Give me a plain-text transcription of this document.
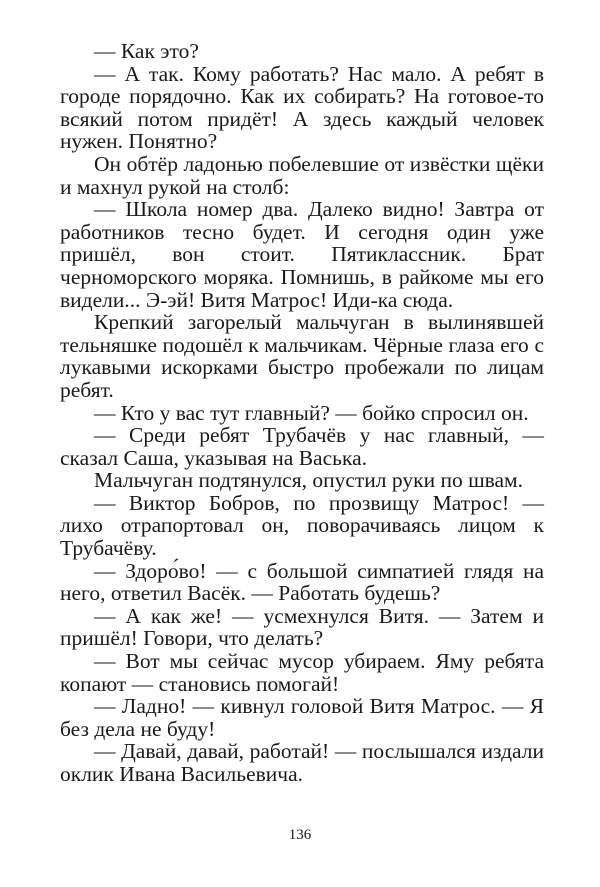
— Как это?

— А так. Кому работать? Нас мало. А ребят в городе порядочно. Как их собирать? На готовое-то всякий потом придёт! А здесь каждый человек нужен. Понятно?

Он обтёр ладонью побелевшие от извёстки щёки и махнул рукой на столб:

— Школа номер два. Далеко видно! Завтра от работников тесно будет. И сегодня один уже пришёл, вон стоит. Пятиклассник. Брат черноморского моряка. Помнишь, в райкоме мы его видели... Э-эй! Витя Матрос! Иди-ка сюда.

Крепкий загорелый мальчуган в вылинявшей тельняшке подошёл к мальчикам. Чёрные глаза его с лукавыми искорками быстро пробежали по лицам ребят.

— Кто у вас тут главный? — бойко спросил он.

— Среди ребят Трубачёв у нас главный, — сказал Саша, указывая на Васька.

Мальчуган подтянулся, опустил руки по швам.

— Виктор Бобров, по прозвищу Матрос! — лихо отрапортовал он, поворачиваясь лицом к Трубачёву.

— Здоро́во! — с большой симпатией глядя на него, ответил Васёк. — Работать будешь?

— А как же! — усмехнулся Витя. — Затем и пришёл! Говори, что делать?

— Вот мы сейчас мусор убираем. Яму ребята копают — становись помогай!

— Ладно! — кивнул головой Витя Матрос. — Я без дела не буду!

— Давай, давай, работай! — послышался издали оклик Ивана Васильевича.

136
